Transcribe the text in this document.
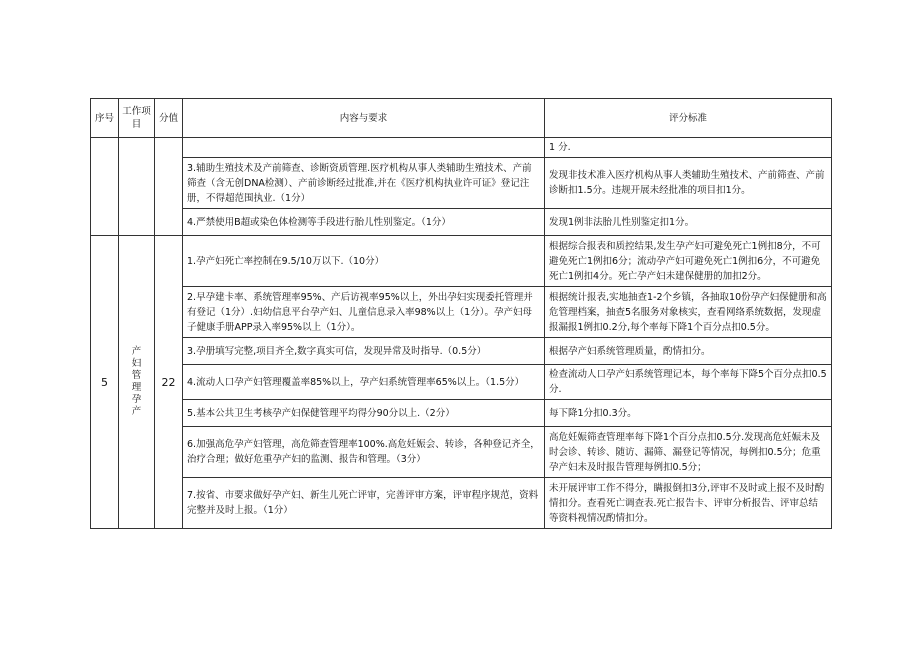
序号	工作项目	分值	内容与要求	评分标准
				1 分.
			3.辅助生殖技术及产前筛查、诊断资质管理.医疗机构从事人类辅助生殖技术、产前筛查（含无创DNA检测）、产前诊断经过批准,并在《医疗机构执业许可证》登记注册，不得超范围执业.（1分）	发现非技术准入医疗机构从事人类辅助生殖技术、产前筛查、产前诊断扣1.5分。违规开展未经批准的项目扣1分。
			4.严禁使用B超或染色体检测等手段进行胎儿性别鉴定。（1分）	发现1例非法胎儿性别鉴定扣1分。
5	产妇管理孕产	22	1.孕产妇死亡率控制在9.5/10万以下.（10分）	根据综合报表和质控结果,发生孕产妇可避免死亡1例扣8分，不可避免死亡1例扣6分；流动孕产妇可避免死亡1例扣6分，不可避免死亡1例扣4分。死亡孕产妇未建保健册的加扣2分。
			2.早孕建卡率、系统管理率95%、产后访视率95%以上，外出孕妇实现委托管理并有登记（1分）.妇幼信息平台孕产妇、儿童信息录入率98%以上（1分）。孕产妇母子健康手册APP录入率95%以上（1分）。	根据统计报表,实地抽查1-2个乡镇，各抽取10份孕产妇保健册和高危管理档案，抽查5名服务对象核实，查看网络系统数据，发现虚报漏报1例扣0.2分,每个率每下降1个百分点扣0.5分。
			3.孕册填写完整,项目齐全,数字真实可信，发现异常及时指导.（0.5分）	根据孕产妇系统管理质量，酌情扣分。
			4.流动人口孕产妇管理覆盖率85%以上，孕产妇系统管理率65%以上。（1.5分）	检查流动人口孕产妇系统管理记本，每个率每下降5个百分点扣0.5分.
			5.基本公共卫生考核孕产妇保健管理平均得分90分以上.（2分）	每下降1分扣0.3分。
			6.加强高危孕产妇管理，高危筛查管理率100%.高危妊娠会、转诊，各种登记齐全，治疗合理；做好危重孕产妇的监测、报告和管理。（3分）	高危妊娠筛查管理率每下降1个百分点扣0.5分.发现高危妊娠未及时会诊、转诊、随访、漏筛、漏登记等情况，每例扣0.5分；危重孕产妇未及时报告管理每例扣0.5分；
			7.按省、市要求做好孕产妇、新生儿死亡评审，完善评审方案，评审程序规范，资料完整并及时上报。（1分）	未开展评审工作不得分，瞒报倒扣3分,评审不及时或上报不及时酌情扣分。查看死亡调查表.死亡报告卡、评审分析报告、评审总结等资料视情况酌情扣分。
